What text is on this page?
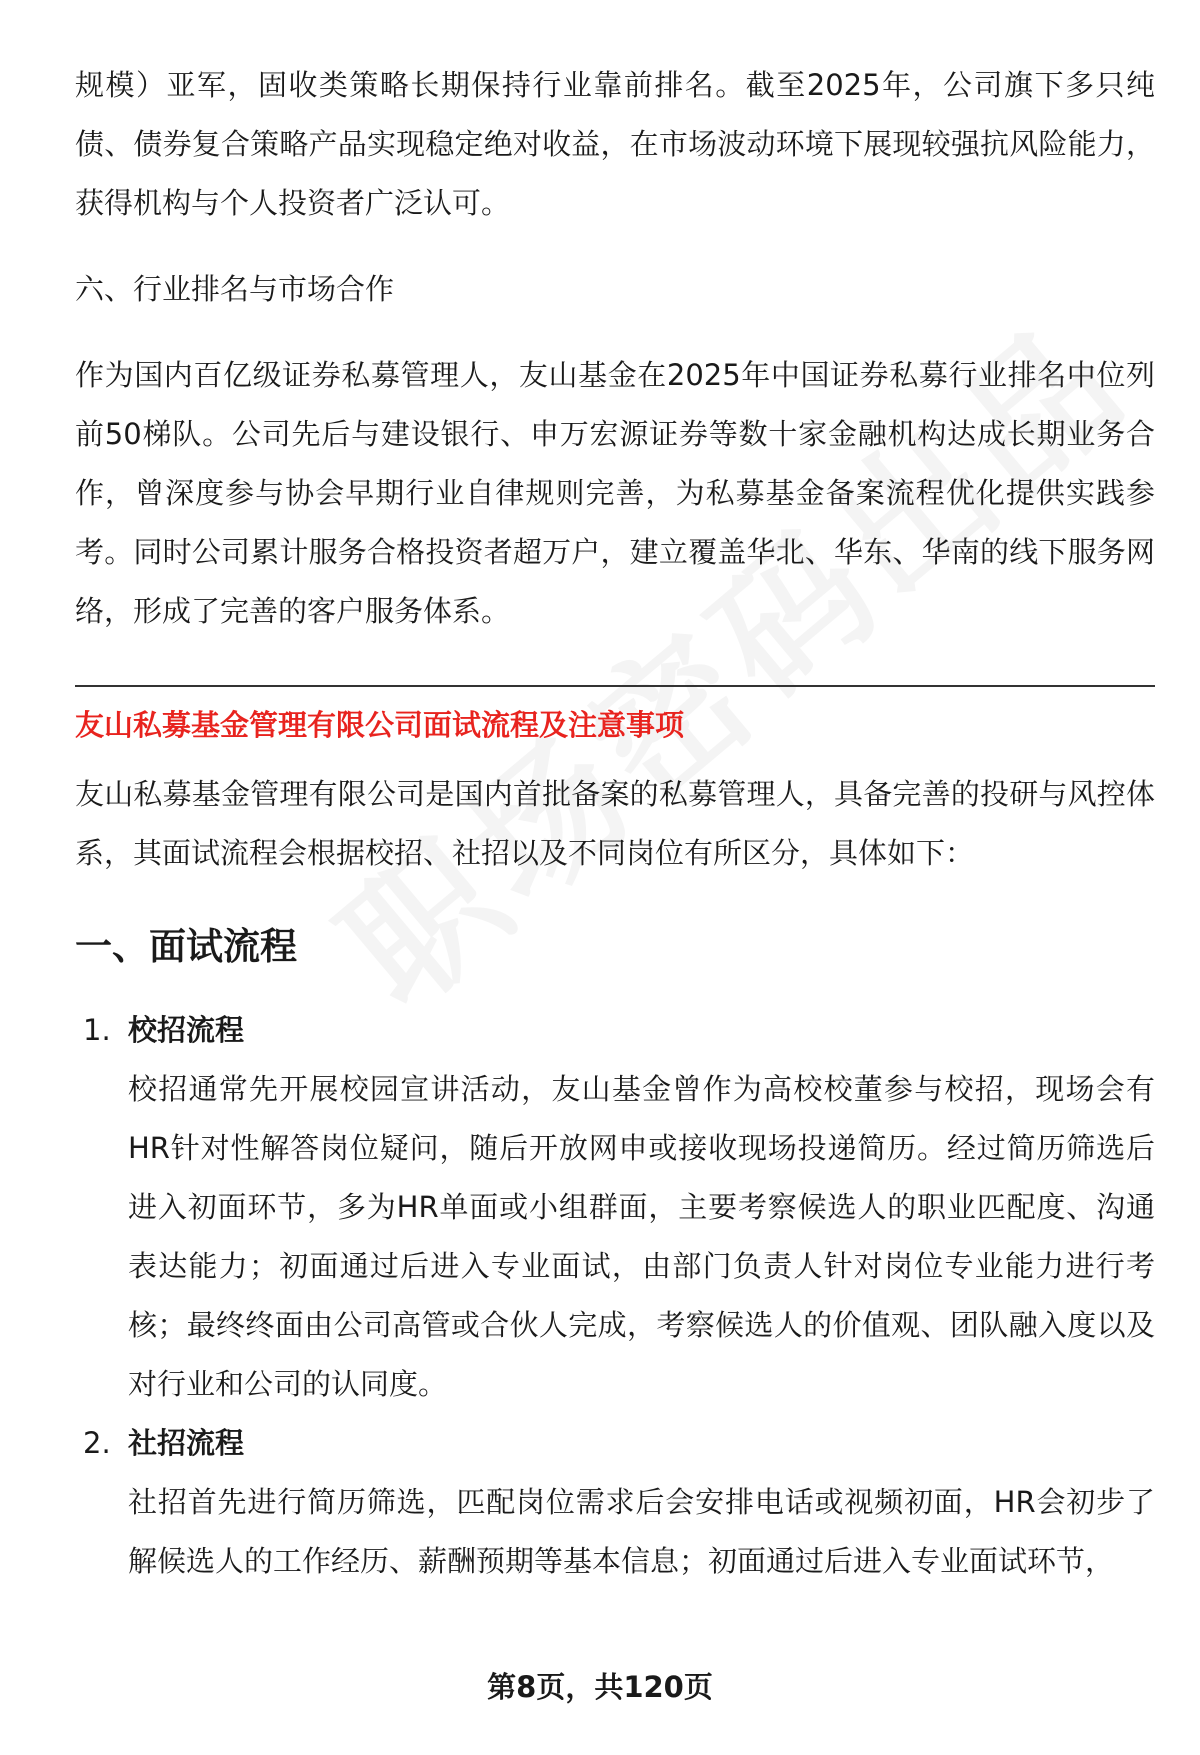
规模）亚军，固收类策略长期保持行业靠前排名。截至2025年，公司旗下多只纯债、债券复合策略产品实现稳定绝对收益，在市场波动环境下展现较强抗风险能力，获得机构与个人投资者广泛认可。

六、行业排名与市场合作

作为国内百亿级证券私募管理人，友山基金在2025年中国证券私募行业排名中位列前50梯队。公司先后与建设银行、申万宏源证券等数十家金融机构达成长期业务合作，曾深度参与协会早期行业自律规则完善，为私募基金备案流程优化提供实践参考。同时公司累计服务合格投资者超万户，建立覆盖华北、华东、华南的线下服务网络，形成了完善的客户服务体系。

友山私募基金管理有限公司面试流程及注意事项

友山私募基金管理有限公司是国内首批备案的私募管理人，具备完善的投研与风控体系，其面试流程会根据校招、社招以及不同岗位有所区分，具体如下：

一、面试流程

1. 校招流程

校招通常先开展校园宣讲活动，友山基金曾作为高校校董参与校招，现场会有HR针对性解答岗位疑问，随后开放网申或接收现场投递简历。经过简历筛选后进入初面环节，多为HR单面或小组群面，主要考察候选人的职业匹配度、沟通表达能力；初面通过后进入专业面试，由部门负责人针对岗位专业能力进行考核；最终终面由公司高管或合伙人完成，考察候选人的价值观、团队融入度以及对行业和公司的认同度。

2. 社招流程

社招首先进行简历筛选，匹配岗位需求后会安排电话或视频初面，HR会初步了解候选人的工作经历、薪酬预期等基本信息；初面通过后进入专业面试环节，

第8页，共120页
